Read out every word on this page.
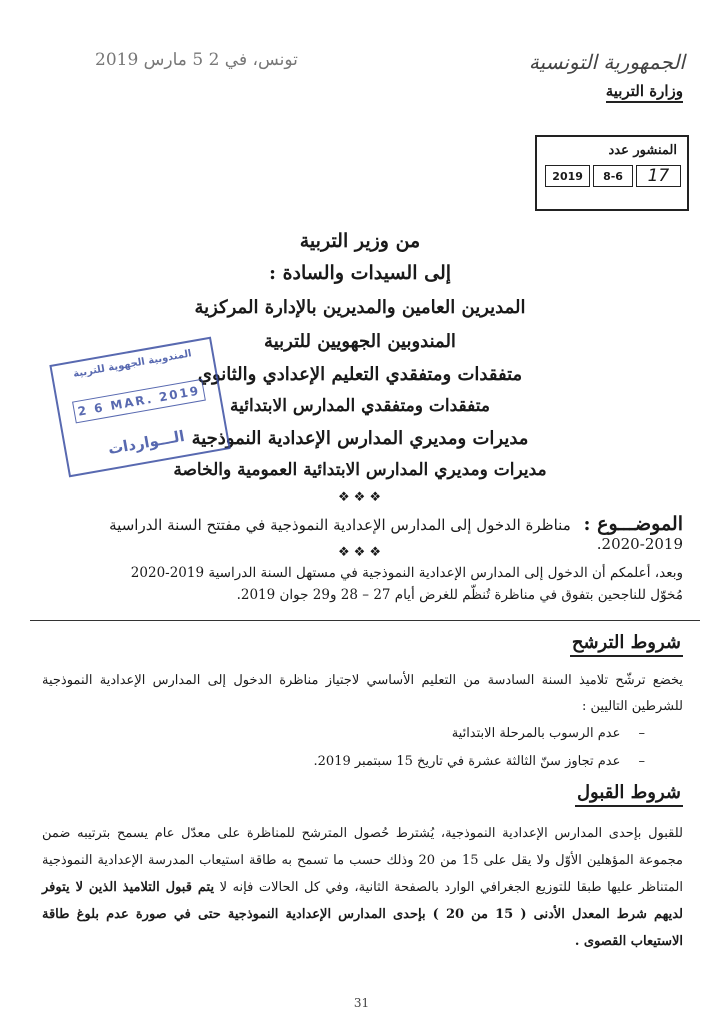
الجمهورية التونسية
وزارة التربية
تونس، في 2 5 مارس 2019
المنشور عدد
2019	8-6	17
من وزير التربية
إلى السيدات والسادة :
المديرين العامين والمديرين بالإدارة المركزية
المندوبين الجهويين للتربية
متفقدات ومتفقدي التعليم الإعدادي والثانوي
متفقدات ومتفقدي المدارس الابتدائية
مديرات ومديري المدارس الإعدادية النموذجية
مديرات ومديري المدارس الابتدائية العمومية والخاصة
المندوبية الجهوية للتربية
2 6 MAR. 2019
الـــواردات
❖❖❖
الموضـــوع : مناظرة الدخول إلى المدارس الإعدادية النموذجية في مفتتح السنة الدراسية 2019-2020.
❖❖❖
وبعد، أعلمكم أن الدخول إلى المدارس الإعدادية النموذجية في مستهل السنة الدراسية 2019-2020
مُخوّل للناجحين بتفوق في مناظرة تُنظّم للغرض أيام 27 – 28 و29 جوان 2019.
شروط الترشح
يخضع ترشّح تلاميذ السنة السادسة من التعليم الأساسي لاجتياز مناظرة الدخول إلى المدارس الإعدادية النموذجية للشرطين التاليين :
– عدم الرسوب بالمرحلة الابتدائية
– عدم تجاوز سنّ الثالثة عشرة في تاريخ 15 سبتمبر 2019.
شروط القبول
للقبول بإحدى المدارس الإعدادية النموذجية، يُشترط حُصول المترشح للمناظرة على معدّل عام يسمح بترتيبه ضمن مجموعة المؤهلين الأوّل ولا يقل على 15 من 20 وذلك حسب ما تسمح به طاقة استيعاب المدرسة الإعدادية النموذجية المتناظر عليها طبقا للتوزيع الجغرافي الوارد بالصفحة الثانية، وفي كل الحالات فإنه لا يتم قبول التلاميذ الذين لا يتوفر لديهم شرط المعدل الأدنى ( 15 من 20 ) بإحدى المدارس الإعدادية النموذجية حتى في صورة عدم بلوغ طاقة الاستيعاب القصوى .
31
